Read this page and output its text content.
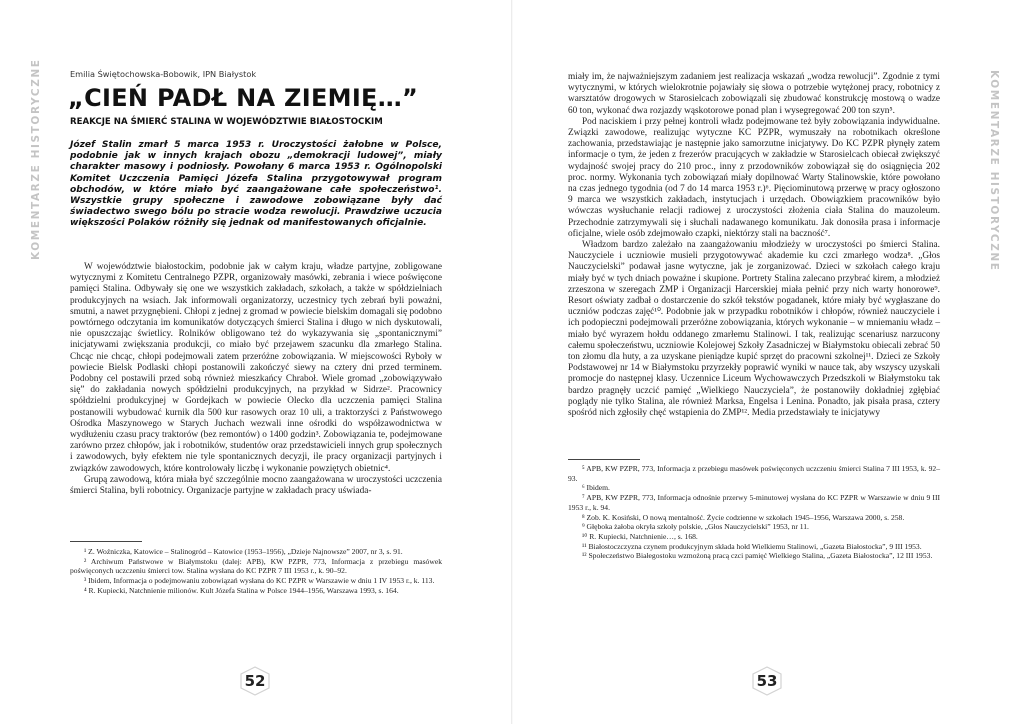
KOMENTARZE HISTORYCZNE	Emilia Świętochowska-Bobowik, IPN Białystok
„CIEŃ PADŁ NA ZIEMIĘ…”
REAKCJE NA ŚMIERĆ STALINA W WOJEWÓDZTWIE BIAŁOSTOCKIM
Józef Stalin zmarł 5 marca 1953 r. Uroczystości żałobne w Polsce, podobnie jak w innych krajach obozu „demokracji ludowej”, miały charakter masowy i podniosły. Powołany 6 marca 1953 r. Ogólnopolski Komitet Uczczenia Pamięci Józefa Stalina przygotowywał program obchodów, w które miało być zaangażowane całe społeczeństwo¹. Wszystkie grupy społeczne i zawodowe zobowiązane były dać świadectwo swego bólu po stracie wodza rewolucji. Prawdziwe uczucia większości Polaków różniły się jednak od manifestowanych oficjalnie.

W województwie białostockim, podobnie jak w całym kraju, władze partyjne, zobligowane wytycznymi z Komitetu Centralnego PZPR, organizowały masówki, zebrania i wiece poświęcone pamięci Stalina. Odbywały się one we wszystkich zakładach, szkołach, a także w spółdzielniach produkcyjnych na wsiach. Jak informowali organizatorzy, uczestnicy tych zebrań byli poważni, smutni, a nawet przygnębieni. Chłopi z jednej z gromad w powiecie bielskim domagali się podobno powtórnego odczytania im komunikatów dotyczących śmierci Stalina i długo w nich dyskutowali, nie opuszczając świetlicy. Rolników obligowano też do wykazywania się „spontanicznymi” inicjatywami zwiększania produkcji, co miało być przejawem szacunku dla zmarłego Stalina. Chcąc nie chcąc, chłopi podejmowali zatem przeróżne zobowiązania. W miejscowości Ryboły w powiecie Bielsk Podlaski chłopi postanowili zakończyć siewy na cztery dni przed terminem. Podobny cel postawili przed sobą również mieszkańcy Chraboł. Wiele gromad „zobowiązywało się” do zakładania nowych spółdzielni produkcyjnych, na przykład w Sidrze². Pracownicy spółdzielni produkcyjnej w Gordejkach w powiecie Olecko dla uczczenia pamięci Stalina postanowili wybudować kurnik dla 500 kur rasowych oraz 10 uli, a traktorzyści z Państwowego Ośrodka Maszynowego w Starych Juchach wezwali inne ośrodki do współzawodnictwa w wydłużeniu czasu pracy traktorów (bez remontów) o 1400 godzin³. Zobowiązania te, podejmowane zarówno przez chłopów, jak i robotników, studentów oraz przedstawicieli innych grup społecznych i zawodowych, były efektem nie tyle spontanicznych decyzji, ile pracy organizacji partyjnych i związków zawodowych, które kontrolowały liczbę i wykonanie powziętych obietnic⁴.

Grupą zawodową, która miała być szczególnie mocno zaangażowana w uroczystości uczczenia śmierci Stalina, byli robotnicy. Organizacje partyjne w zakładach pracy uświada-

¹ Z. Woźniczka, Katowice – Stalinogród – Katowice (1953–1956), „Dzieje Najnowsze” 2007, nr 3, s. 91.

² Archiwum Państwowe w Białymstoku (dalej: APB), KW PZPR, 773, Informacja z przebiegu masówek poświęconych uczczeniu śmierci tow. Stalina wysłana do KC PZPR 7 III 1953 r., k. 90–92.

³ Ibidem, Informacja o podejmowaniu zobowiązań wysłana do KC PZPR w Warszawie w dniu 1 IV 1953 r., k. 113.

⁴ R. Kupiecki, Natchnienie milionów. Kult Józefa Stalina w Polsce 1944–1956, Warszawa 1993, s. 164.

52
KOMENTARZE HISTORYCZNE

miały im, że najważniejszym zadaniem jest realizacja wskazań „wodza rewolucji”. Zgodnie z tymi wytycznymi, w których wielokrotnie pojawiały się słowa o potrzebie wytężonej pracy, robotnicy z warsztatów drogowych w Starosielcach zobowiązali się zbudować konstrukcję mostową o wadze 60 ton, wykonać dwa rozjazdy wąskotorowe ponad plan i wysegregować 200 ton szyn⁵.

Pod naciskiem i przy pełnej kontroli władz podejmowane też były zobowiązania indywidualne. Związki zawodowe, realizując wytyczne KC PZPR, wymuszały na robotnikach określone zachowania, przedstawiając je następnie jako samorzutne inicjatywy. Do KC PZPR płynęły zatem informacje o tym, że jeden z frezerów pracujących w zakładzie w Starosielcach obiecał zwiększyć wydajność swojej pracy do 210 proc., inny z przodowników zobowiązał się do osiągnięcia 202 proc. normy. Wykonania tych zobowiązań miały dopilnować Warty Stalinowskie, które powołano na czas jednego tygodnia (od 7 do 14 marca 1953 r.)⁶. Pięciominutową przerwę w pracy ogłoszono 9 marca we wszystkich zakładach, instytucjach i urzędach. Obowiązkiem pracowników było wówczas wysłuchanie relacji radiowej z uroczystości złożenia ciała Stalina do mauzoleum. Przechodnie zatrzymywali się i słuchali nadawanego komunikatu. Jak donosiła prasa i informacje oficjalne, wiele osób zdejmowało czapki, niektórzy stali na baczność⁷.

Władzom bardzo zależało na zaangażowaniu młodzieży w uroczystości po śmierci Stalina. Nauczyciele i uczniowie musieli przygotowywać akademie ku czci zmarłego wodza⁸. „Głos Nauczycielski” podawał jasne wytyczne, jak je zorganizować. Dzieci w szkołach całego kraju miały być w tych dniach poważne i skupione. Portrety Stalina zalecano przybrać kirem, a młodzież zrzeszona w szeregach ZMP i Organizacji Harcerskiej miała pełnić przy nich warty honorowe⁹. Resort oświaty zadbał o dostarczenie do szkół tekstów pogadanek, które miały być wygłaszane do uczniów podczas zajęć¹⁰. Podobnie jak w przypadku robotników i chłopów, również nauczyciele i ich podopieczni podejmowali przeróżne zobowiązania, których wykonanie – w mniemaniu władz – miało być wyrazem hołdu oddanego zmarłemu Stalinowi. I tak, realizując scenariusz narzucony całemu społeczeństwu, uczniowie Kolejowej Szkoły Zasadniczej w Białymstoku obiecali zebrać 50 ton złomu dla huty, a za uzyskane pieniądze kupić sprzęt do pracowni szkolnej¹¹. Dzieci ze Szkoły Podstawowej nr 14 w Białymstoku przyrzekły poprawić wyniki w nauce tak, aby wszyscy uzyskali promocje do następnej klasy. Uczennice Liceum Wychowawczych Przedszkoli w Białymstoku tak bardzo pragnęły uczcić pamięć „Wielkiego Nauczyciela”, że postanowiły dokładniej zgłębiać poglądy nie tylko Stalina, ale również Marksa, Engelsa i Lenina. Ponadto, jak pisała prasa, cztery spośród nich zgłosiły chęć wstąpienia do ZMP¹². Media przedstawiały te inicjatywy

⁵ APB, KW PZPR, 773, Informacja z przebiegu masówek poświęconych uczczeniu śmierci Stalina 7 III 1953, k. 92–93.

⁶ Ibidem.

⁷ APB, KW PZPR, 773, Informacja odnośnie przerwy 5-minutowej wysłana do KC PZPR w Warszawie w dniu 9 III 1953 r., k. 94.

⁸ Zob. K. Kosiński, O nową mentalność. Życie codzienne w szkołach 1945–1956, Warszawa 2000, s. 258.

⁹ Głęboka żałoba okryła szkoły polskie, „Głos Nauczycielski” 1953, nr 11.

¹⁰ R. Kupiecki, Natchnienie…, s. 168.

¹¹ Białostoczczyzna czynem produkcyjnym składa hołd Wielkiemu Stalinowi, „Gazeta Białostocka”, 9 III 1953.

¹² Społeczeństwo Białegostoku wzmożoną pracą czci pamięć Wielkiego Stalina, „Gazeta Białostocka”, 12 III 1953.

53
